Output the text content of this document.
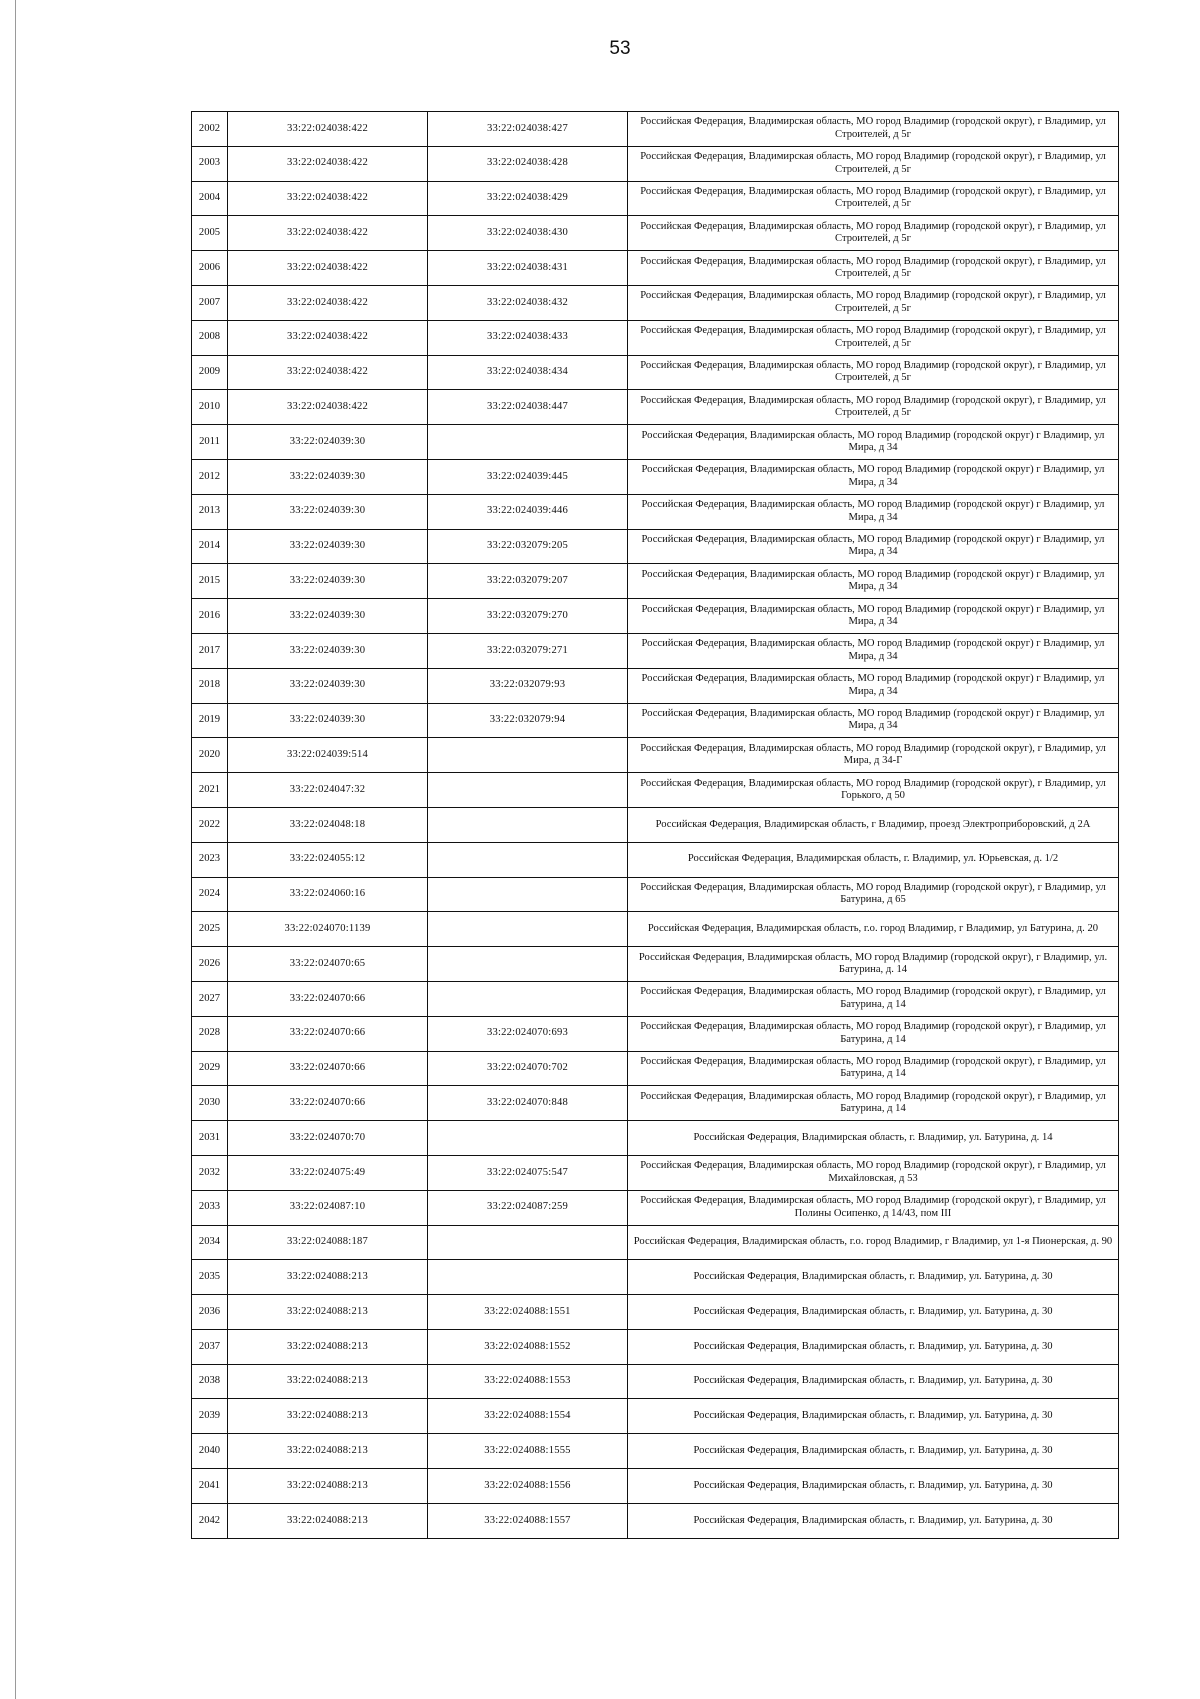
53
2002	33:22:024038:422	33:22:024038:427	Российская Федерация, Владимирская область, МО город Владимир (городской округ), г Владимир, ул Строителей, д 5г
2003	33:22:024038:422	33:22:024038:428	Российская Федерация, Владимирская область, МО город Владимир (городской округ), г Владимир, ул Строителей, д 5г
2004	33:22:024038:422	33:22:024038:429	Российская Федерация, Владимирская область, МО город Владимир (городской округ), г Владимир, ул Строителей, д 5г
2005	33:22:024038:422	33:22:024038:430	Российская Федерация, Владимирская область, МО город Владимир (городской округ), г Владимир, ул Строителей, д 5г
2006	33:22:024038:422	33:22:024038:431	Российская Федерация, Владимирская область, МО город Владимир (городской округ), г Владимир, ул Строителей, д 5г
2007	33:22:024038:422	33:22:024038:432	Российская Федерация, Владимирская область, МО город Владимир (городской округ), г Владимир, ул Строителей, д 5г
2008	33:22:024038:422	33:22:024038:433	Российская Федерация, Владимирская область, МО город Владимир (городской округ), г Владимир, ул Строителей, д 5г
2009	33:22:024038:422	33:22:024038:434	Российская Федерация, Владимирская область, МО город Владимир (городской округ), г Владимир, ул Строителей, д 5г
2010	33:22:024038:422	33:22:024038:447	Российская Федерация, Владимирская область, МО город Владимир (городской округ), г Владимир, ул Строителей, д 5г
2011	33:22:024039:30		Российская Федерация, Владимирская область, МО город Владимир (городской округ) г Владимир, ул Мира, д 34
2012	33:22:024039:30	33:22:024039:445	Российская Федерация, Владимирская область, МО город Владимир (городской округ) г Владимир, ул Мира, д 34
2013	33:22:024039:30	33:22:024039:446	Российская Федерация, Владимирская область, МО город Владимир (городской округ) г Владимир, ул Мира, д 34
2014	33:22:024039:30	33:22:032079:205	Российская Федерация, Владимирская область, МО город Владимир (городской округ) г Владимир, ул Мира, д 34
2015	33:22:024039:30	33:22:032079:207	Российская Федерация, Владимирская область, МО город Владимир (городской округ) г Владимир, ул Мира, д 34
2016	33:22:024039:30	33:22:032079:270	Российская Федерация, Владимирская область, МО город Владимир (городской округ) г Владимир, ул Мира, д 34
2017	33:22:024039:30	33:22:032079:271	Российская Федерация, Владимирская область, МО город Владимир (городской округ) г Владимир, ул Мира, д 34
2018	33:22:024039:30	33:22:032079:93	Российская Федерация, Владимирская область, МО город Владимир (городской округ) г Владимир, ул Мира, д 34
2019	33:22:024039:30	33:22:032079:94	Российская Федерация, Владимирская область, МО город Владимир (городской округ) г Владимир, ул Мира, д 34
2020	33:22:024039:514		Российская Федерация, Владимирская область, МО город Владимир (городской округ), г Владимир, ул Мира, д 34-Г
2021	33:22:024047:32		Российская Федерация, Владимирская область, МО город Владимир (городской округ), г Владимир, ул Горького, д 50
2022	33:22:024048:18		Российская Федерация, Владимирская область, г Владимир, проезд Электроприборовский, д 2А
2023	33:22:024055:12		Российская Федерация, Владимирская область, г. Владимир, ул. Юрьевская, д. 1/2
2024	33:22:024060:16		Российская Федерация, Владимирская область, МО город Владимир (городской округ), г Владимир, ул Батурина, д 65
2025	33:22:024070:1139		Российская Федерация, Владимирская область, г.о. город Владимир, г Владимир, ул Батурина, д. 20
2026	33:22:024070:65		Российская Федерация, Владимирская область, МО город Владимир (городской округ), г Владимир, ул. Батурина, д. 14
2027	33:22:024070:66		Российская Федерация, Владимирская область, МО город Владимир (городской округ), г Владимир, ул Батурина, д 14
2028	33:22:024070:66	33:22:024070:693	Российская Федерация, Владимирская область, МО город Владимир (городской округ), г Владимир, ул Батурина, д 14
2029	33:22:024070:66	33:22:024070:702	Российская Федерация, Владимирская область, МО город Владимир (городской округ), г Владимир, ул Батурина, д 14
2030	33:22:024070:66	33:22:024070:848	Российская Федерация, Владимирская область, МО город Владимир (городской округ), г Владимир, ул Батурина, д 14
2031	33:22:024070:70		Российская Федерация, Владимирская область, г. Владимир, ул. Батурина, д. 14
2032	33:22:024075:49	33:22:024075:547	Российская Федерация, Владимирская область, МО город Владимир (городской округ), г Владимир, ул Михайловская, д 53
2033	33:22:024087:10	33:22:024087:259	Российская Федерация, Владимирская область, МО город Владимир (городской округ), г Владимир, ул Полины Осипенко, д 14/43, пом III
2034	33:22:024088:187		Российская Федерация, Владимирская область, г.о. город Владимир, г Владимир, ул 1-я Пионерская, д. 90
2035	33:22:024088:213		Российская Федерация, Владимирская область, г. Владимир, ул. Батурина, д. 30
2036	33:22:024088:213	33:22:024088:1551	Российская Федерация, Владимирская область, г. Владимир, ул. Батурина, д. 30
2037	33:22:024088:213	33:22:024088:1552	Российская Федерация, Владимирская область, г. Владимир, ул. Батурина, д. 30
2038	33:22:024088:213	33:22:024088:1553	Российская Федерация, Владимирская область, г. Владимир, ул. Батурина, д. 30
2039	33:22:024088:213	33:22:024088:1554	Российская Федерация, Владимирская область, г. Владимир, ул. Батурина, д. 30
2040	33:22:024088:213	33:22:024088:1555	Российская Федерация, Владимирская область, г. Владимир, ул. Батурина, д. 30
2041	33:22:024088:213	33:22:024088:1556	Российская Федерация, Владимирская область, г. Владимир, ул. Батурина, д. 30
2042	33:22:024088:213	33:22:024088:1557	Российская Федерация, Владимирская область, г. Владимир, ул. Батурина, д. 30
